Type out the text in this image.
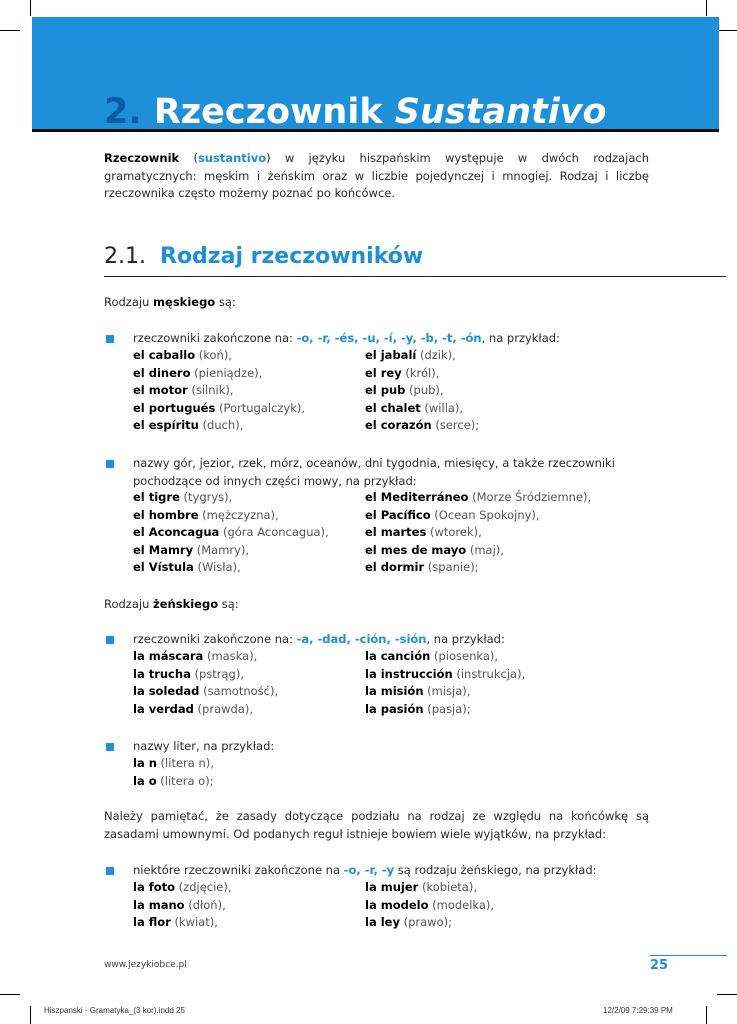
2. Rzeczownik Sustantivo

Rzeczownik (sustantivo) w języku hiszpańskim występuje w dwóch rodzajach gramatycznych: męskim i żeńskim oraz w liczbie pojedynczej i mnogiej. Rodzaj i liczbę rzeczownika często możemy poznać po końcówce.

2.1. Rodzaj rzeczowników
Rodzaju męskiego są:
rzeczowniki zakończone na: -o, -r, -és, -u, -í, -y, -b, -t, -ón, na przykład:
el caballo (koń),	el jabalí (dzik),
el dinero (pieniądze),	el rey (król),
el motor (silnik),	el pub (pub),
el portugués (Portugalczyk),	el chalet (willa),
el espíritu (duch),	el corazón (serce);
nazwy gór, jezior, rzek, mórz, oceanów, dni tygodnia, miesięcy, a także rzeczowniki
pochodzące od innych części mowy, na przykład:
el tigre (tygrys),	el Mediterráneo (Morze Śródziemne),
el hombre (mężczyzna),	el Pacífico (Ocean Spokojny),
el Aconcagua (góra Aconcagua),	el martes (wtorek),
el Mamry (Mamry),	el mes de mayo (maj),
el Vístula (Wisła),	el dormir (spanie);
Rodzaju żeńskiego są:
rzeczowniki zakończone na: -a, -dad, -ción, -sión, na przykład:
la máscara (maska),	la canción (piosenka),
la trucha (pstrąg),	la instrucción (instrukcja),
la soledad (samotność),	la misión (misja),
la verdad (prawda),	la pasión (pasja);
nazwy liter, na przykład:
la n (litera n),
la o (litera o);

Należy pamiętać, że zasady dotyczące podziału na rodzaj ze względu na końcówkę są zasadami umownymi. Od podanych reguł istnieje bowiem wiele wyjątków, na przykład:

niektóre rzeczowniki zakończone na -o, -r, -y są rodzaju żeńskiego, na przykład:
la foto (zdjęcie),	la mujer (kobieta),
la mano (dłoń),	la modelo (modelka),
la flor (kwiat),	la ley (prawo);
www.jezykiobce.pl	25
Hiszpanski - Gramatyka_(3 kor).indd 25	12/2/09 7:29:39 PM
